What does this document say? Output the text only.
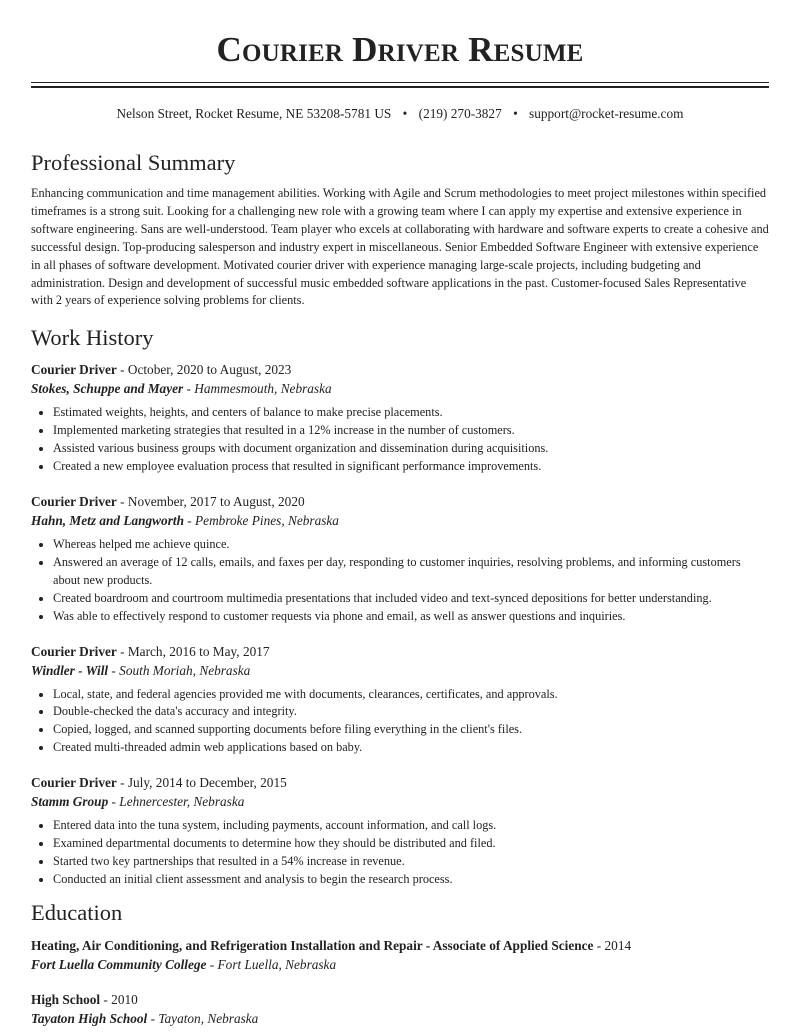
Courier Driver Resume
Nelson Street, Rocket Resume, NE 53208-5781 US • (219) 270-3827 • support@rocket-resume.com
Professional Summary

Enhancing communication and time management abilities. Working with Agile and Scrum methodologies to meet project milestones within specified timeframes is a strong suit. Looking for a challenging new role with a growing team where I can apply my expertise and extensive experience in software engineering. Sans are well-understood. Team player who excels at collaborating with hardware and software experts to create a cohesive and successful design. Top-producing salesperson and industry expert in miscellaneous. Senior Embedded Software Engineer with extensive experience in all phases of software development. Motivated courier driver with experience managing large-scale projects, including budgeting and administration. Design and development of successful music embedded software applications in the past. Customer-focused Sales Representative with 2 years of experience solving problems for clients.

Work History
Courier Driver - October, 2020 to August, 2023
Stokes, Schuppe and Mayer - Hammesmouth, Nebraska
• Estimated weights, heights, and centers of balance to make precise placements.
• Implemented marketing strategies that resulted in a 12% increase in the number of customers.
• Assisted various business groups with document organization and dissemination during acquisitions.
• Created a new employee evaluation process that resulted in significant performance improvements.
Courier Driver - November, 2017 to August, 2020
Hahn, Metz and Langworth - Pembroke Pines, Nebraska
• Whereas helped me achieve quince.
• Answered an average of 12 calls, emails, and faxes per day, responding to customer inquiries, resolving problems, and informing customers about new products.
• Created boardroom and courtroom multimedia presentations that included video and text-synced depositions for better understanding.
• Was able to effectively respond to customer requests via phone and email, as well as answer questions and inquiries.
Courier Driver - March, 2016 to May, 2017
Windler - Will - South Moriah, Nebraska
• Local, state, and federal agencies provided me with documents, clearances, certificates, and approvals.
• Double-checked the data's accuracy and integrity.
• Copied, logged, and scanned supporting documents before filing everything in the client's files.
• Created multi-threaded admin web applications based on baby.
Courier Driver - July, 2014 to December, 2015
Stamm Group - Lehnercester, Nebraska
• Entered data into the tuna system, including payments, account information, and call logs.
• Examined departmental documents to determine how they should be distributed and filed.
• Started two key partnerships that resulted in a 54% increase in revenue.
• Conducted an initial client assessment and analysis to begin the research process.
Education
Heating, Air Conditioning, and Refrigeration Installation and Repair - Associate of Applied Science - 2014
Fort Luella Community College - Fort Luella, Nebraska
High School - 2010
Tayaton High School - Tayaton, Nebraska
